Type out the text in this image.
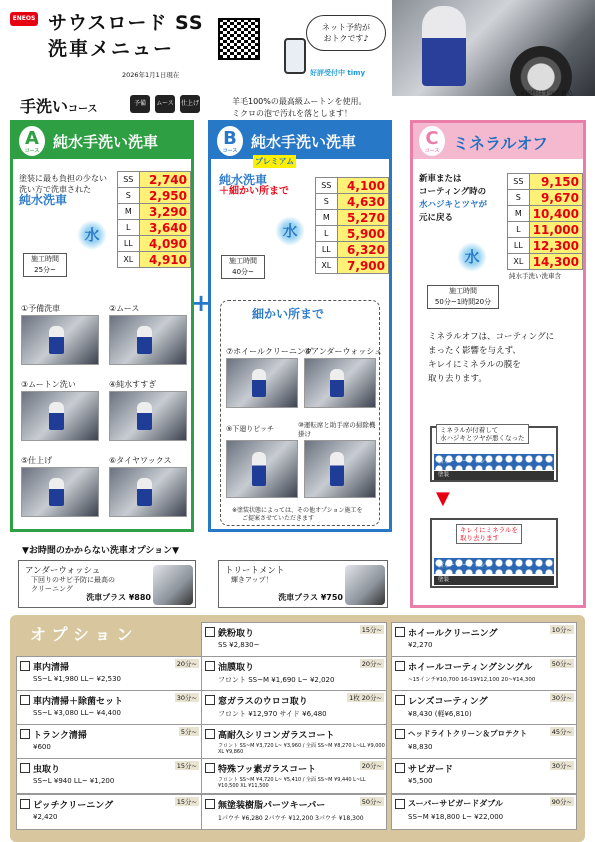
ENEOS サウスロード SS
洗車メニュー
2026年1月1日現在
ネット予約が
おトクです♪
好評受付中 timy
※価格はすべて税込
手洗いコース
予備	ムース 仕上げ	羊毛100%の最高級ムートンを使用。
ミクロの泡で汚れを落とします！
A
コース 純水手洗い洗車
塗装に最も負担の少ない
洗い方で洗車された
純水洗車
SS	2,740
S	2,950
M	3,290
L	3,640
LL	4,090
XL	4,910
水
施工時間
25分~
①予備洗車	②ムース
③ムートン洗い	④純水すすぎ
⑤仕上げ	⑥タイヤワックス
+
B
コース 純水手洗い洗車プレミアム
純水洗車
＋細かい所まで
SS	4,100
S	4,630
M	5,270
L	5,900
LL	6,320
XL	7,900
水
施工時間
40分~
細かい所まで
⑦ホイールクリーニング
⑧アンダーウォッシュ
⑨下廻りピッチ	⑩運転席と助手席の掃除機掛け
※塗装状態によっては、その他オプション施工を
ご提案させていただきます
C
コース ミネラルオフ
新車または
コーティング時の
水ハジキとツヤが
元に戻る
SS	9,150
S	9,670
M	10,400
L	11,000
LL	12,300
XL	14,300
水
純水手洗い洗車含
施工時間
50分~1時間20分
ミネラルオフは、コーティングに
まったく影響を与えず、
キレイにミネラルの膜を
取り去ります。
ミネラルが付着して
水ハジキとツヤが悪くなった
新車・コーティング
塗装
▼
キレイにミネラルを
取り去ります
新車・コーティング
塗装
▼お時間のかからない洗車オプション▼
アンダーウォッシュ
下回りのサビ予防に最高の
クリーニング
洗車プラス ¥880
トリートメント
輝きアップ！
洗車プラス ¥750
オプション	鉄粉取り	15分~
SS ¥2,830~
ホイールクリーニング	10分~
¥2,270
車内清掃	20分~
SS~L ¥1,980 LL~ ¥2,530
油膜取り	20分~
フロント SS~M ¥1,690 L~ ¥2,020
ホイールコーティングシングル	50分~
~15インチ¥10,700 16-19¥12,100 20~¥14,300
車内清掃＋除菌セット	30分~
SS~L ¥3,080 LL~ ¥4,400
窓ガラスのウロコ取り	1枚 20分~
フロント ¥12,970 サイド ¥6,480
レンズコーティング	30分~
¥8,430 (軽¥6,810)
トランク清掃	5分~
¥600
高耐久シリコンガラスコート
フロント SS~M ¥3,720 L~ ¥3,960 / 全面 SS~M ¥8,270 L~LL ¥9,000 XL ¥9,860
ヘッドライトクリーン＆プロテクト	45分~
¥8,830
虫取り	15分~
SS~L ¥940 LL~ ¥1,200
特殊フッ素ガラスコート	20分~
フロント SS~M ¥4,720 L~ ¥5,410 / 全面 SS~M ¥9,440 L~LL ¥10,500 XL ¥11,500
サビガード	30分~
¥5,500
ピッチクリーニング	15分~
¥2,420
無塗装樹脂パーツキーパー	50分~
1パウチ ¥6,280 2パウチ ¥12,200 3パウチ ¥18,300
スーパーサビガードダブル	90分~
SS~M ¥18,800 L~ ¥22,000
